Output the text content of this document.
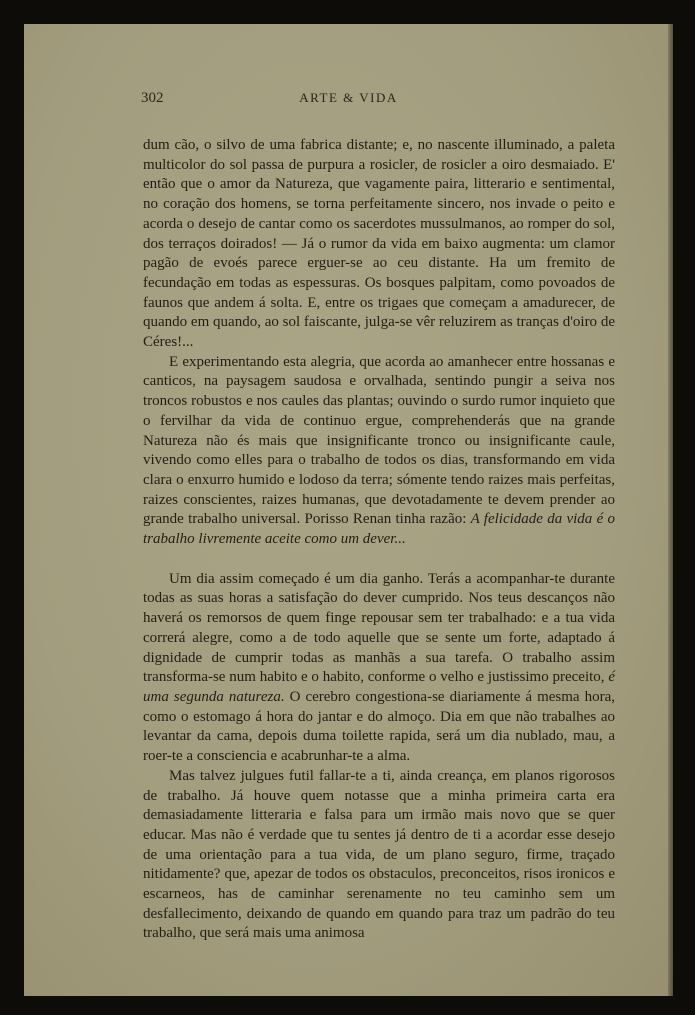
302	ARTE & VIDA

dum cão, o silvo de uma fabrica distante; e, no nascente illuminado, a paleta multicolor do sol passa de purpura a rosicler, de rosicler a oiro desmaiado. E' então que o amor da Natureza, que vagamente paira, litterario e sentimental, no coração dos homens, se torna perfeitamente sincero, nos invade o peito e acorda o desejo de cantar como os sacerdotes mussulmanos, ao romper do sol, dos terraços doirados! — Já o rumor da vida em baixo augmenta: um clamor pagão de evoés parece erguer-se ao ceu distante. Ha um fremito de fecundação em todas as espessuras. Os bosques palpitam, como povoados de faunos que andem á solta. E, entre os trigaes que começam a amadurecer, de quando em quando, ao sol faiscante, julga-se vêr reluzirem as tranças d'oiro de Céres!...

E experimentando esta alegria, que acorda ao amanhecer entre hossanas e canticos, na paysagem saudosa e orvalhada, sentindo pungir a seiva nos troncos robustos e nos caules das plantas; ouvindo o surdo rumor inquieto que o fervilhar da vida de continuo ergue, comprehenderás que na grande Natureza não és mais que insignificante tronco ou insignificante caule, vivendo como elles para o trabalho de todos os dias, transformando em vida clara o enxurro humido e lodoso da terra; sómente tendo raizes mais perfeitas, raizes conscientes, raizes humanas, que devotadamente te devem prender ao grande trabalho universal. Porisso Renan tinha razão: A felicidade da vida é o trabalho livremente aceite como um dever...

Um dia assim começado é um dia ganho. Terás a acompanhar-te durante todas as suas horas a satisfação do dever cumprido. Nos teus descanços não haverá os remorsos de quem finge repousar sem ter trabalhado: e a tua vida correrá alegre, como a de todo aquelle que se sente um forte, adaptado á dignidade de cumprir todas as manhãs a sua tarefa. O trabalho assim transforma-se num habito e o habito, conforme o velho e justissimo preceito, é uma segunda natureza. O cerebro congestiona-se diariamente á mesma hora, como o estomago á hora do jantar e do almoço. Dia em que não trabalhes ao levantar da cama, depois duma toilette rapida, será um dia nublado, mau, a roer-te a consciencia e acabrunhar-te a alma.

Mas talvez julgues futil fallar-te a ti, ainda creança, em planos rigorosos de trabalho. Já houve quem notasse que a minha primeira carta era demasiadamente litteraria e falsa para um irmão mais novo que se quer educar. Mas não é verdade que tu sentes já dentro de ti a acordar esse desejo de uma orientação para a tua vida, de um plano seguro, firme, traçado nitidamente? que, apezar de todos os obstaculos, preconceitos, risos ironicos e escarneos, has de caminhar serenamente no teu caminho sem um desfallecimento, deixando de quando em quando para traz um padrão do teu trabalho, que será mais uma animosa
